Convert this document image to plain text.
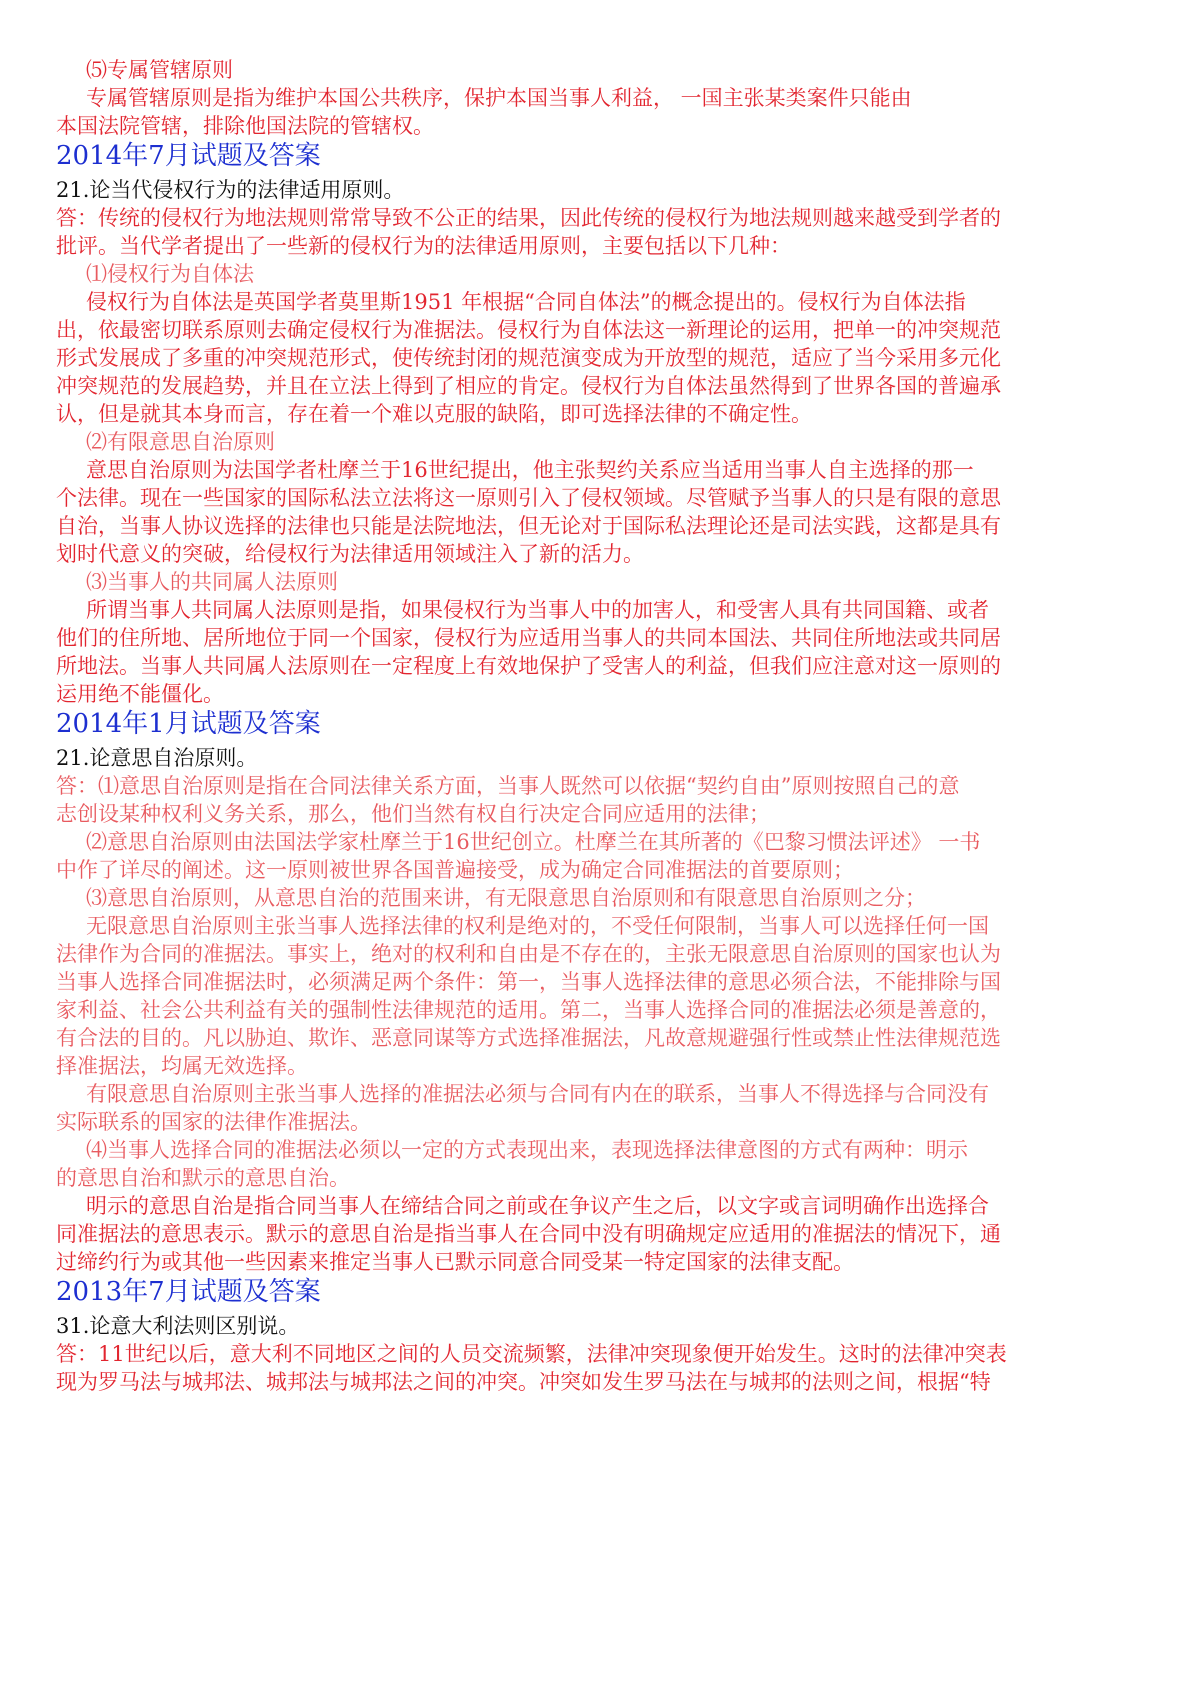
⑸专属管辖原则
专属管辖原则是指为维护本国公共秩序，保护本国当事人利益， 一国主张某类案件只能由
本国法院管辖，排除他国法院的管辖权。
2014年7月试题及答案
21.论当代侵权行为的法律适用原则。
答：传统的侵权行为地法规则常常导致不公正的结果，因此传统的侵权行为地法规则越来越受到学者的
批评。当代学者提出了一些新的侵权行为的法律适用原则，主要包括以下几种：
⑴侵权行为自体法
侵权行为自体法是英国学者莫里斯1951 年根据“合同自体法”的概念提出的。侵权行为自体法指
出，依最密切联系原则去确定侵权行为准据法。侵权行为自体法这一新理论的运用，把单一的冲突规范
形式发展成了多重的冲突规范形式，使传统封闭的规范演变成为开放型的规范，适应了当今采用多元化
冲突规范的发展趋势，并且在立法上得到了相应的肯定。侵权行为自体法虽然得到了世界各国的普遍承
认，但是就其本身而言，存在着一个难以克服的缺陷，即可选择法律的不确定性。
⑵有限意思自治原则
意思自治原则为法国学者杜摩兰于16世纪提出，他主张契约关系应当适用当事人自主选择的那一
个法律。现在一些国家的国际私法立法将这一原则引入了侵权领域。尽管赋予当事人的只是有限的意思
自治，当事人协议选择的法律也只能是法院地法，但无论对于国际私法理论还是司法实践，这都是具有
划时代意义的突破，给侵权行为法律适用领域注入了新的活力。
⑶当事人的共同属人法原则
所谓当事人共同属人法原则是指，如果侵权行为当事人中的加害人，和受害人具有共同国籍、或者
他们的住所地、居所地位于同一个国家，侵权行为应适用当事人的共同本国法、共同住所地法或共同居
所地法。当事人共同属人法原则在一定程度上有效地保护了受害人的利益，但我们应注意对这一原则的
运用绝不能僵化。
2014年1月试题及答案
21.论意思自治原则。
答：⑴意思自治原则是指在合同法律关系方面，当事人既然可以依据“契约自由”原则按照自己的意
志创设某种权利义务关系，那么，他们当然有权自行决定合同应适用的法律；
⑵意思自治原则由法国法学家杜摩兰于16世纪创立。杜摩兰在其所著的《巴黎习惯法评述》 一书
中作了详尽的阐述。这一原则被世界各国普遍接受，成为确定合同准据法的首要原则；
⑶意思自治原则，从意思自治的范围来讲，有无限意思自治原则和有限意思自治原则之分；
无限意思自治原则主张当事人选择法律的权利是绝对的，不受任何限制，当事人可以选择任何一国
法律作为合同的准据法。事实上，绝对的权利和自由是不存在的，主张无限意思自治原则的国家也认为
当事人选择合同准据法时，必须满足两个条件：第一，当事人选择法律的意思必须合法，不能排除与国
家利益、社会公共利益有关的强制性法律规范的适用。第二，当事人选择合同的准据法必须是善意的，
有合法的目的。凡以胁迫、欺诈、恶意同谋等方式选择准据法，凡故意规避强行性或禁止性法律规范选
择准据法，均属无效选择。
有限意思自治原则主张当事人选择的准据法必须与合同有内在的联系，当事人不得选择与合同没有
实际联系的国家的法律作准据法。
⑷当事人选择合同的准据法必须以一定的方式表现出来，表现选择法律意图的方式有两种：明示
的意思自治和默示的意思自治。
明示的意思自治是指合同当事人在缔结合同之前或在争议产生之后，以文字或言词明确作出选择合
同准据法的意思表示。默示的意思自治是指当事人在合同中没有明确规定应适用的准据法的情况下，通
过缔约行为或其他一些因素来推定当事人已默示同意合同受某一特定国家的法律支配。
2013年7月试题及答案
31.论意大利法则区别说。
答：11世纪以后，意大利不同地区之间的人员交流频繁，法律冲突现象便开始发生。这时的法律冲突表
现为罗马法与城邦法、城邦法与城邦法之间的冲突。冲突如发生罗马法在与城邦的法则之间，根据“特
